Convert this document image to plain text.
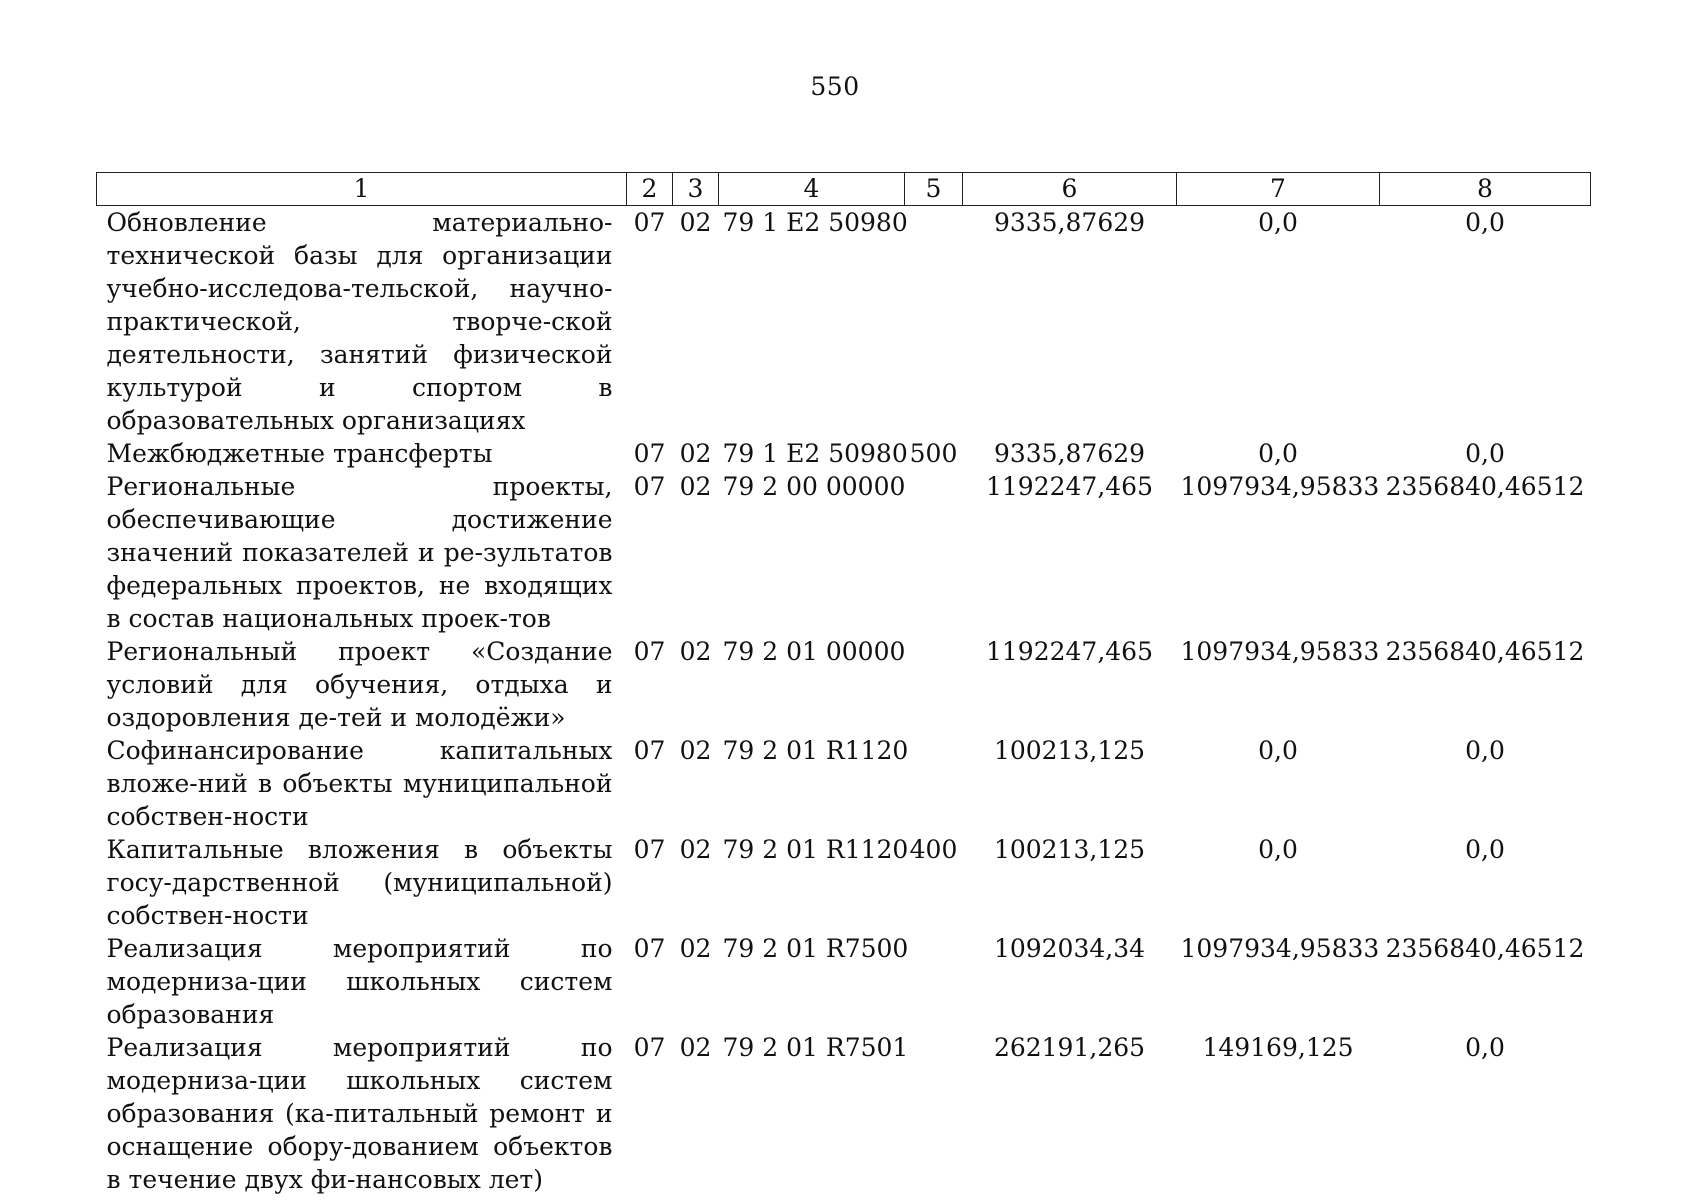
550
1	2	3	4	5	6	7	8
Обновление материально-технической базы для организации учебно-исследова-тельской, научно-практической, творче-ской деятельности, занятий физической культурой и спортом в образовательных организациях	07	02	79 1 E2 50980		9335,87629	0,0	0,0
Межбюджетные трансферты	07	02	79 1 E2 50980	500	9335,87629	0,0	0,0
Региональные проекты, обеспечивающие достижение значений показателей и ре-зультатов федеральных проектов, не входящих в состав национальных проек-тов	07	02	79 2 00 00000		1192247,465	1097934,95833	2356840,46512
Региональный проект «Создание условий для обучения, отдыха и оздоровления де-тей и молодёжи»	07	02	79 2 01 00000		1192247,465	1097934,95833	2356840,46512
Софинансирование капитальных вложе-ний в объекты муниципальной собствен-ности	07	02	79 2 01 R1120		100213,125	0,0	0,0
Капитальные вложения в объекты госу-дарственной (муниципальной) собствен-ности	07	02	79 2 01 R1120	400	100213,125	0,0	0,0
Реализация мероприятий по модерниза-ции школьных систем образования	07	02	79 2 01 R7500		1092034,34	1097934,95833	2356840,46512
Реализация мероприятий по модерниза-ции школьных систем образования (ка-питальный ремонт и оснащение обору-дованием объектов в течение двух фи-нансовых лет)	07	02	79 2 01 R7501		262191,265	149169,125	0,0
